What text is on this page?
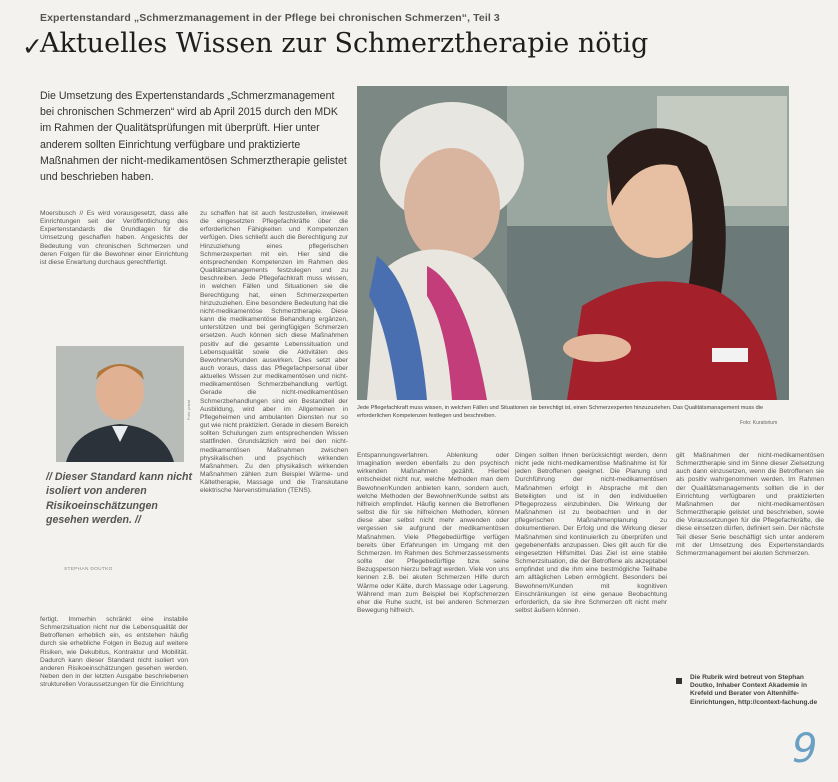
✓
Expertenstandard „Schmerzmanagement in der Pflege bei chronischen Schmerzen“, Teil 3
Aktuelles Wissen zur Schmerztherapie nötig

Die Umsetzung des Expertenstandards „Schmerzmanagement bei chronischen Schmerzen“ wird ab April 2015 durch den MDK im Rahmen der Qualitätsprüfungen mit überprüft. Hier unter anderem sollten Einrichtung verfügbare und praktizierte Maßnahmen der nicht-medikamentösen Schmerztherapie gelistet und beschrieben haben.

Jede Pflegefachkraft muss wissen, in welchen Fällen und Situationen sie berechtigt ist, einen Schmerzexperten hinzuzuziehen. Das Qualitätsmanagement muss die erforderlichen Kompetenzen festlegen und beschreiben.
Foto: Kuratorium
Moersbusch // Es wird vorausgesetzt, dass alle Einrichtungen seit der Veröffentlichung des Expertenstandards die Grundlagen für die Umsetzung geschaffen haben. Angesichts der Bedeutung von chronischen Schmerzen und deren Folgen für die Bewohner einer Einrichtung ist diese Erwartung durchaus gerechtfertigt.
Foto: privat
// Dieser Standard kann nicht isoliert von anderen Risikoeinschätzungen gesehen werden. //
STEPHAN DOUTKO
fertigt. Immerhin schränkt eine instabile Schmerzsituation nicht nur die Lebensqualität der Betroffenen erheblich ein, es entstehen häufig durch sie erhebliche Folgen in Bezug auf weitere Risiken, wie Dekubitus, Kontraktur und Mobilität. Dadurch kann dieser Standard nicht isoliert von anderen Risikoeinschätzungen gesehen werden. Neben den in der letzten Ausgabe beschriebenen strukturellen Voraussetzungen für die Einrichtung
zu schaffen hat ist auch festzustellen, inwieweit die eingesetzten Pflegefachkräfte über die erforderlichen Fähigkeiten und Kompetenzen verfügen. Dies schließt auch die Berechtigung zur Hinzuziehung eines pflegerischen Schmerzexperten mit ein. Hier sind die entsprechenden Kompetenzen im Rahmen des Qualitätsmanagements festzulegen und zu beschreiben. Jede Pflegefachkraft muss wissen, in welchen Fällen und Situationen sie die Berechtigung hat, einen Schmerzexperten hinzuzuziehen. Eine besondere Bedeutung hat die nicht-medikamentöse Schmerztherapie. Diese kann die medikamentöse Behandlung ergänzen, unterstützen und bei geringfügigen Schmerzen ersetzen. Auch können sich diese Maßnahmen positiv auf die gesamte Lebenssituation und Lebensqualität sowie die Aktivitäten des Bewohners/Kunden auswirken. Dies setzt aber auch voraus, dass das Pflegefachpersonal über aktuelles Wissen zur medikamentösen und nicht-medikamentösen Schmerzbehandlung verfügt. Gerade die nicht-medikamentösen Schmerzbehandlungen sind ein Bestandteil der Ausbildung, wird aber im Allgemeinen in Pflegeheimen und ambulanten Diensten nur so gut wie nicht praktiziert. Gerade in diesem Bereich sollten Schulungen zum entsprechenden Wissen stattfinden. Grundsätzlich wird bei den nicht-medikamentösen Maßnahmen zwischen physikalischen und psychisch wirkenden Maßnahmen. Zu den physikalisch wirkenden Maßnahmen zählen zum Beispiel Wärme- und Kältetherapie, Massage und die Transkutane elektrische Nervenstimulation (TENS).
Entspannungsverfahren. Ablenkung oder Imagination werden ebenfalls zu den psychisch wirkenden Maßnahmen gezählt. Hierbei entscheidet nicht nur, welche Methoden man dem Bewohner/Kunden anbieten kann, sondern auch, welche Methoden der Bewohner/Kunde selbst als hilfreich empfindet. Häufig kennen die Betroffenen selbst die für sie hilfreichen Methoden, können diese aber selbst nicht mehr anwenden oder vergessen sie aufgrund der medikamentösen Maßnahmen. Viele Pflegebedürftige verfügen bereits über Erfahrungen im Umgang mit den Schmerzen. Im Rahmen des Schmerzassessments sollte der Pflegebedürftige bzw. seine Bezugsperson hierzu befragt werden. Viele von uns kennen z.B. bei akuten Schmerzen Hilfe durch Wärme oder Kälte, durch Massage oder Lagerung. Während man zum Beispiel bei Kopfschmerzen eher die Ruhe sucht, ist bei anderen Schmerzen Bewegung hilfreich.
Dingen sollten Ihnen berücksichtigt werden, denn nicht jede nicht-medikamentöse Maßnahme ist für jeden Betroffenen geeignet. Die Planung und Durchführung der nicht-medikamentösen Maßnahmen erfolgt in Absprache mit den Beteiligten und ist in den individuellen Pflegeprozess einzubinden. Die Wirkung der Maßnahmen ist zu beobachten und in der pflegerischen Maßnahmenplanung zu dokumentieren. Der Erfolg und die Wirkung dieser Maßnahmen sind kontinuierlich zu überprüfen und gegebenenfalls anzupassen. Dies gilt auch für die eingesetzten Hilfsmittel. Das Ziel ist eine stabile Schmerzsituation, die der Betroffene als akzeptabel empfindet und die ihm eine bestmögliche Teilhabe am alltäglichen Leben ermöglicht. Besonders bei Bewohnern/Kunden mit kognitiven Einschränkungen ist eine genaue Beobachtung erforderlich, da sie ihre Schmerzen oft nicht mehr selbst äußern können.
gilt Maßnahmen der nicht-medikamentösen Schmerztherapie sind im Sinne dieser Zielsetzung auch dann einzusetzen, wenn die Betroffenen sie als positiv wahrgenommen werden. Im Rahmen der Qualitätsmanagements sollten die in der Einrichtung verfügbaren und praktizierten Maßnahmen der nicht-medikamentösen Schmerztherapie gelistet und beschrieben, sowie die Voraussetzungen für die Pflegefachkräfte, die diese einsetzen dürfen, definiert sein. Der nächste Teil dieser Serie beschäftigt sich unter anderem mit der Umsetzung des Expertenstandards Schmerzmanagement bei akuten Schmerzen.
Die Rubrik wird betreut von Stephan Doutko, Inhaber Context Akademie in Krefeld und Berater von Altenhilfe-Einrichtungen, http://context-fachung.de
9
